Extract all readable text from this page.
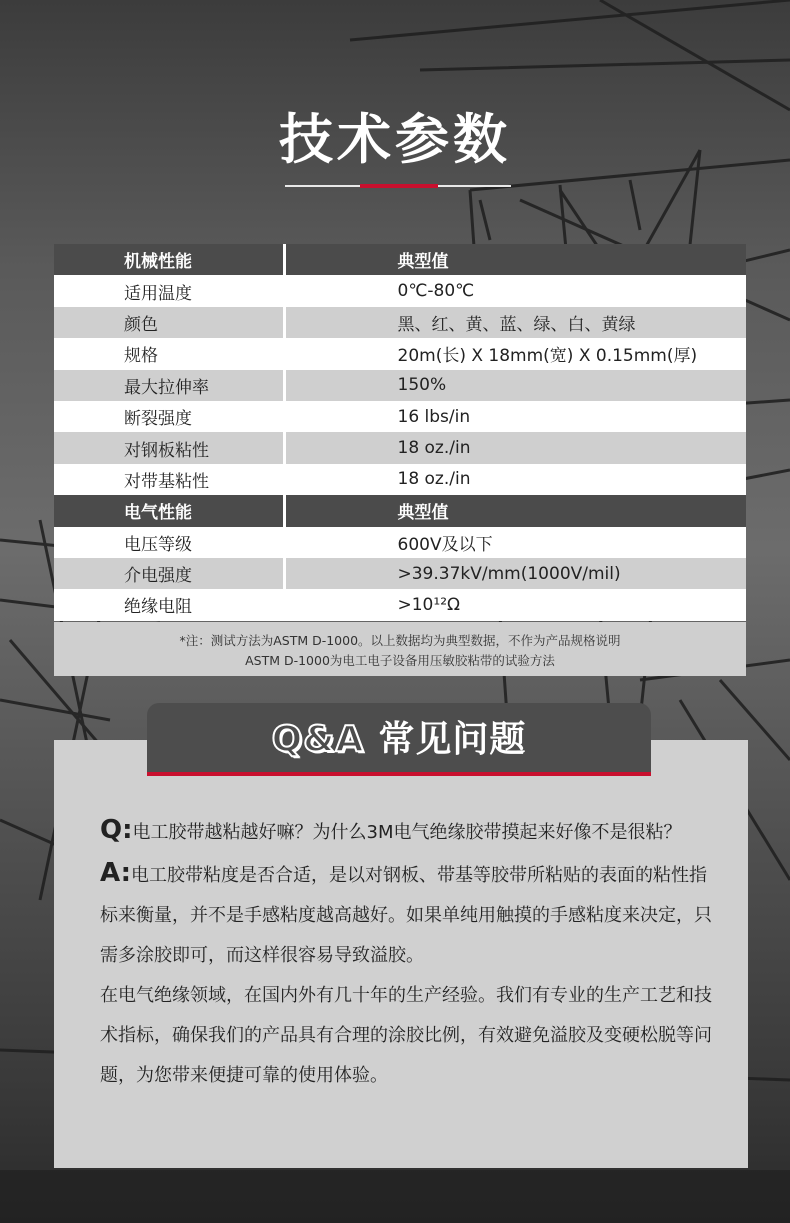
技术参数
机械性能	典型值
适用温度	0℃-80℃
颜色	黑、红、黄、蓝、绿、白、黄绿
规格	20m(长) X 18mm(宽) X 0.15mm(厚)
最大拉伸率	150%
断裂强度	16 lbs/in
对钢板粘性	18 oz./in
对带基粘性	18 oz./in
电气性能	典型值
电压等级	600V及以下
介电强度	>39.37kV/mm(1000V/mil)
绝缘电阻	>10¹²Ω
*注：测试方法为ASTM D-1000。以上数据均为典型数据，不作为产品规格说明
ASTM D-1000为电工电子设备用压敏胶粘带的试验方法
Q&A 常见问题

Q:电工胶带越粘越好嘛？为什么3M电气绝缘胶带摸起来好像不是很粘？

A:电工胶带粘度是否合适，是以对钢板、带基等胶带所粘贴的表面的粘性指标来衡量，并不是手感粘度越高越好。如果单纯用触摸的手感粘度来决定，只需多涂胶即可，而这样很容易导致溢胶。

在电气绝缘领域，在国内外有几十年的生产经验。我们有专业的生产工艺和技术指标，确保我们的产品具有合理的涂胶比例，有效避免溢胶及变硬松脱等问题，为您带来便捷可靠的使用体验。
